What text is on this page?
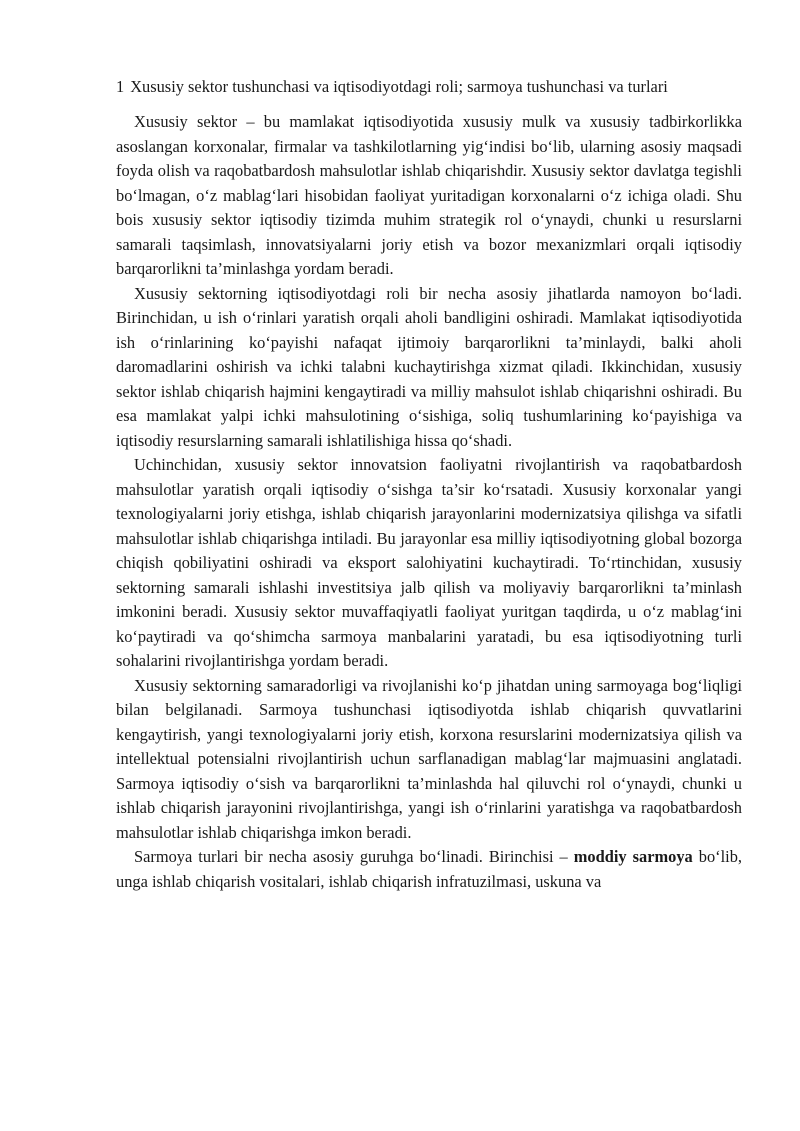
1 Xususiy sektor tushunchasi va iqtisodiyotdagi roli; sarmoya tushunchasi va turlari

Xususiy sektor – bu mamlakat iqtisodiyotida xususiy mulk va xususiy tadbirkorlikka asoslangan korxonalar, firmalar va tashkilotlarning yig‘indisi bo‘lib, ularning asosiy maqsadi foyda olish va raqobatbardosh mahsulotlar ishlab chiqarishdir. Xususiy sektor davlatga tegishli bo‘lmagan, o‘z mablag‘lari hisobidan faoliyat yuritadigan korxonalarni o‘z ichiga oladi. Shu bois xususiy sektor iqtisodiy tizimda muhim strategik rol o‘ynaydi, chunki u resurslarni samarali taqsimlash, innovatsiyalarni joriy etish va bozor mexanizmlari orqali iqtisodiy barqarorlikni ta’minlashga yordam beradi.

Xususiy sektorning iqtisodiyotdagi roli bir necha asosiy jihatlarda namoyon bo‘ladi. Birinchidan, u ish o‘rinlari yaratish orqali aholi bandligini oshiradi. Mamlakat iqtisodiyotida ish o‘rinlarining ko‘payishi nafaqat ijtimoiy barqarorlikni ta’minlaydi, balki aholi daromadlarini oshirish va ichki talabni kuchaytirishga xizmat qiladi. Ikkinchidan, xususiy sektor ishlab chiqarish hajmini kengaytiradi va milliy mahsulot ishlab chiqarishni oshiradi. Bu esa mamlakat yalpi ichki mahsulotining o‘sishiga, soliq tushumlarining ko‘payishiga va iqtisodiy resurslarning samarali ishlatilishiga hissa qo‘shadi.

Uchinchidan, xususiy sektor innovatsion faoliyatni rivojlantirish va raqobatbardosh mahsulotlar yaratish orqali iqtisodiy o‘sishga ta’sir ko‘rsatadi. Xususiy korxonalar yangi texnologiyalarni joriy etishga, ishlab chiqarish jarayonlarini modernizatsiya qilishga va sifatli mahsulotlar ishlab chiqarishga intiladi. Bu jarayonlar esa milliy iqtisodiyotning global bozorga chiqish qobiliyatini oshiradi va eksport salohiyatini kuchaytiradi. To‘rtinchidan, xususiy sektorning samarali ishlashi investitsiya jalb qilish va moliyaviy barqarorlikni ta’minlash imkonini beradi. Xususiy sektor muvaffaqiyatli faoliyat yuritgan taqdirda, u o‘z mablag‘ini ko‘paytiradi va qo‘shimcha sarmoya manbalarini yaratadi, bu esa iqtisodiyotning turli sohalarini rivojlantirishga yordam beradi.

Xususiy sektorning samaradorligi va rivojlanishi ko‘p jihatdan uning sarmoyaga bog‘liqligi bilan belgilanadi. Sarmoya tushunchasi iqtisodiyotda ishlab chiqarish quvvatlarini kengaytirish, yangi texnologiyalarni joriy etish, korxona resurslarini modernizatsiya qilish va intellektual potensialni rivojlantirish uchun sarflanadigan mablag‘lar majmuasini anglatadi. Sarmoya iqtisodiy o‘sish va barqarorlikni ta’minlashda hal qiluvchi rol o‘ynaydi, chunki u ishlab chiqarish jarayonini rivojlantirishga, yangi ish o‘rinlarini yaratishga va raqobatbardosh mahsulotlar ishlab chiqarishga imkon beradi.

Sarmoya turlari bir necha asosiy guruhga bo‘linadi. Birinchisi – moddiy sarmoya bo‘lib, unga ishlab chiqarish vositalari, ishlab chiqarish infratuzilmasi, uskuna va
